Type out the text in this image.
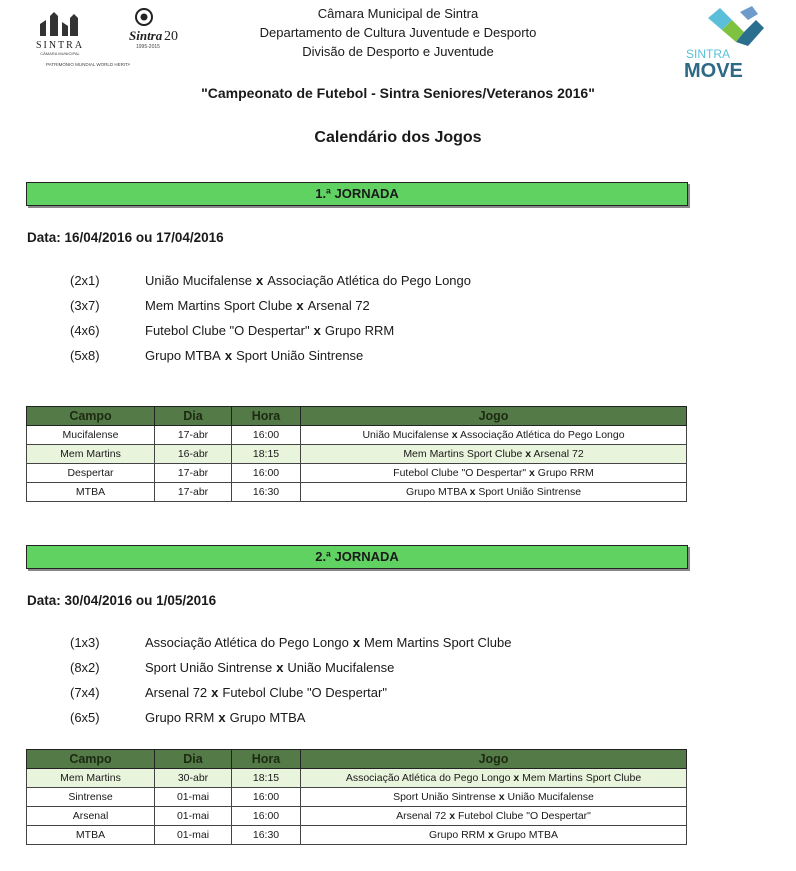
SINTRA
CÂMARA MUNICIPAL
PATRIMÓNIO MUNDIAL WORLD HERITAGE
Sintra 20
1995-2015	SINTRA
MOVE
Câmara Municipal de Sintra
Departamento de Cultura Juventude e Desporto
Divisão de Desporto e Juventude
"Campeonato de Futebol - Sintra Seniores/Veteranos 2016"
Calendário dos Jogos
1.ª JORNADA
Data: 16/04/2016 ou 17/04/2016
(2x1)	União Mucifalense x Associação Atlética do Pego Longo
(3x7)	Mem Martins Sport Clube x Arsenal 72
(4x6)	Futebol Clube "O Despertar" x Grupo RRM
(5x8)	Grupo MTBA x Sport União Sintrense
Campo	Dia	Hora	Jogo
Mucifalense	17-abr	16:00	União Mucifalense x Associação Atlética do Pego Longo
Mem Martins	16-abr	18:15	Mem Martins Sport Clube x Arsenal 72
Despertar	17-abr	16:00	Futebol Clube "O Despertar" x Grupo RRM
MTBA	17-abr	16:30	Grupo MTBA x Sport União Sintrense
2.ª JORNADA
Data: 30/04/2016 ou 1/05/2016
(1x3)	Associação Atlética do Pego Longo x Mem Martins Sport Clube
(8x2)	Sport União Sintrense x União Mucifalense
(7x4)	Arsenal 72 x Futebol Clube "O Despertar"
(6x5)	Grupo RRM x Grupo MTBA
Campo	Dia	Hora	Jogo
Mem Martins	30-abr	18:15	Associação Atlética do Pego Longo x Mem Martins Sport Clube
Sintrense	01-mai	16:00	Sport União Sintrense x União Mucifalense
Arsenal	01-mai	16:00	Arsenal 72 x Futebol Clube "O Despertar"
MTBA	01-mai	16:30	Grupo RRM x Grupo MTBA
